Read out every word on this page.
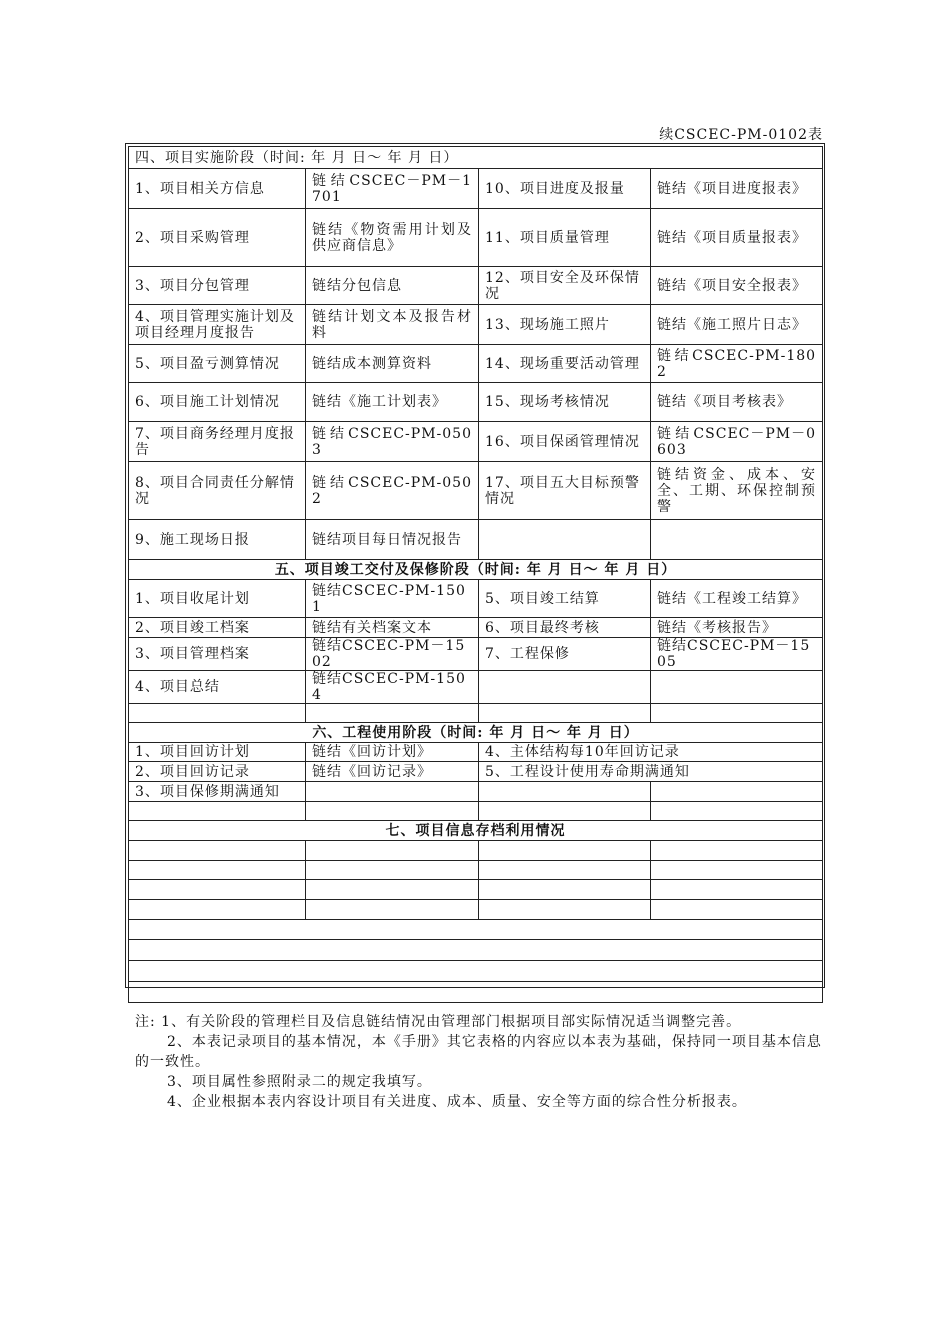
续CSCEC-PM-0102表
四、项目实施阶段（时间: 年 月 日～ 年 月 日）			
1、项目相关方信息	链结CSCEC－PM－1701	10、项目进度及报量	链结《项目进度报表》
2、项目采购管理	链结《物资需用计划及供应商信息》	11、项目质量管理	链结《项目质量报表》
3、项目分包管理	链结分包信息	12、项目安全及环保情况	链结《项目安全报表》
4、项目管理实施计划及项目经理月度报告	链结计划文本及报告材料	13、现场施工照片	链结《施工照片日志》
5、项目盈亏测算情况	链结成本测算资料	14、现场重要活动管理	链结CSCEC-PM-1802
6、项目施工计划情况	链结《施工计划表》	15、现场考核情况	链结《项目考核表》
7、项目商务经理月度报告	链结CSCEC-PM-0503	16、项目保函管理情况	链结CSCEC－PM－0603
8、项目合同责任分解情况	链结CSCEC-PM-0502	17、项目五大目标预警情况	链结资金、成本、安全、工期、环保控制预警
9、施工现场日报	链结项目每日情况报告		
五、项目竣工交付及保修阶段（时间: 年 月 日～ 年 月 日）			
1、项目收尾计划	链结CSCEC-PM-1501	5、项目竣工结算	链结《工程竣工结算》
2、项目竣工档案	链结有关档案文本	6、项目最终考核	链结《考核报告》
3、项目管理档案	链结CSCEC-PM－1502	7、工程保修	链结CSCEC-PM－1505
4、项目总结	链结CSCEC-PM-1504		

六、工程使用阶段（时间: 年 月 日～ 年 月 日）			
1、项目回访计划	链结《回访计划》	4、主体结构每10年回访记录	
2、项目回访记录	链结《回访记录》	5、工程设计使用寿命期满通知	
3、项目保修期满通知			

七、项目信息存档利用情况			

注: 1、有关阶段的管理栏目及信息链结情况由管理部门根据项目部实际情况适当调整完善。

2、本表记录项目的基本情况，本《手册》其它表格的内容应以本表为基础，保持同一项目基本信息的一致性。

3、项目属性参照附录二的规定我填写。

4、企业根据本表内容设计项目有关进度、成本、质量、安全等方面的综合性分析报表。
